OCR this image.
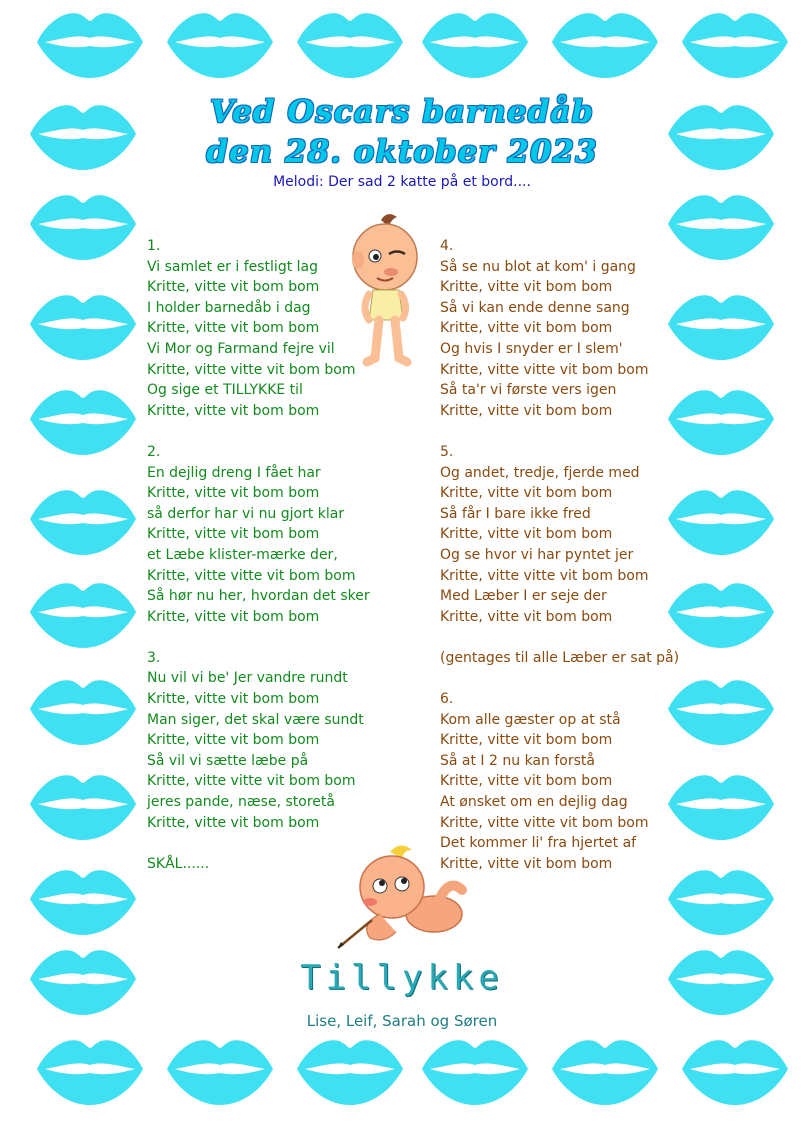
Ved Oscars barnedåb
den 28. oktober 2023
Melodi: Der sad 2 katte på et bord....
1.
Vi samlet er i festligt lag
Kritte, vitte vit bom bom
I holder barnedåb i dag
Kritte, vitte vit bom bom
Vi Mor og Farmand fejre vil
Kritte, vitte vitte vit bom bom
Og sige et TILLYKKE til
Kritte, vitte vit bom bom
2.
En dejlig dreng I fået har
Kritte, vitte vit bom bom
så derfor har vi nu gjort klar
Kritte, vitte vit bom bom
et Læbe klister-mærke der,
Kritte, vitte vitte vit bom bom
Så hør nu her, hvordan det sker
Kritte, vitte vit bom bom
3.
Nu vil vi be' Jer vandre rundt
Kritte, vitte vit bom bom
Man siger, det skal være sundt
Kritte, vitte vit bom bom
Så vil vi sætte læbe på
Kritte, vitte vitte vit bom bom
jeres pande, næse, storetå
Kritte, vitte vit bom bom
SKÅL......
4.
Så se nu blot at kom' i gang
Kritte, vitte vit bom bom
Så vi kan ende denne sang
Kritte, vitte vit bom bom
Og hvis I snyder er I slem'
Kritte, vitte vitte vit bom bom
Så ta'r vi første vers igen
Kritte, vitte vit bom bom
5.
Og andet, tredje, fjerde med
Kritte, vitte vit bom bom
Så får I bare ikke fred
Kritte, vitte vit bom bom
Og se hvor vi har pyntet jer
Kritte, vitte vitte vit bom bom
Med Læber I er seje der
Kritte, vitte vit bom bom
(gentages til alle Læber er sat på)
6.
Kom alle gæster op at stå
Kritte, vitte vit bom bom
Så at I 2 nu kan forstå
Kritte, vitte vit bom bom
At ønsket om en dejlig dag
Kritte, vitte vitte vit bom bom
Det kommer li' fra hjertet af
Kritte, vitte vit bom bom
Tillykke
Lise, Leif, Sarah og Søren
